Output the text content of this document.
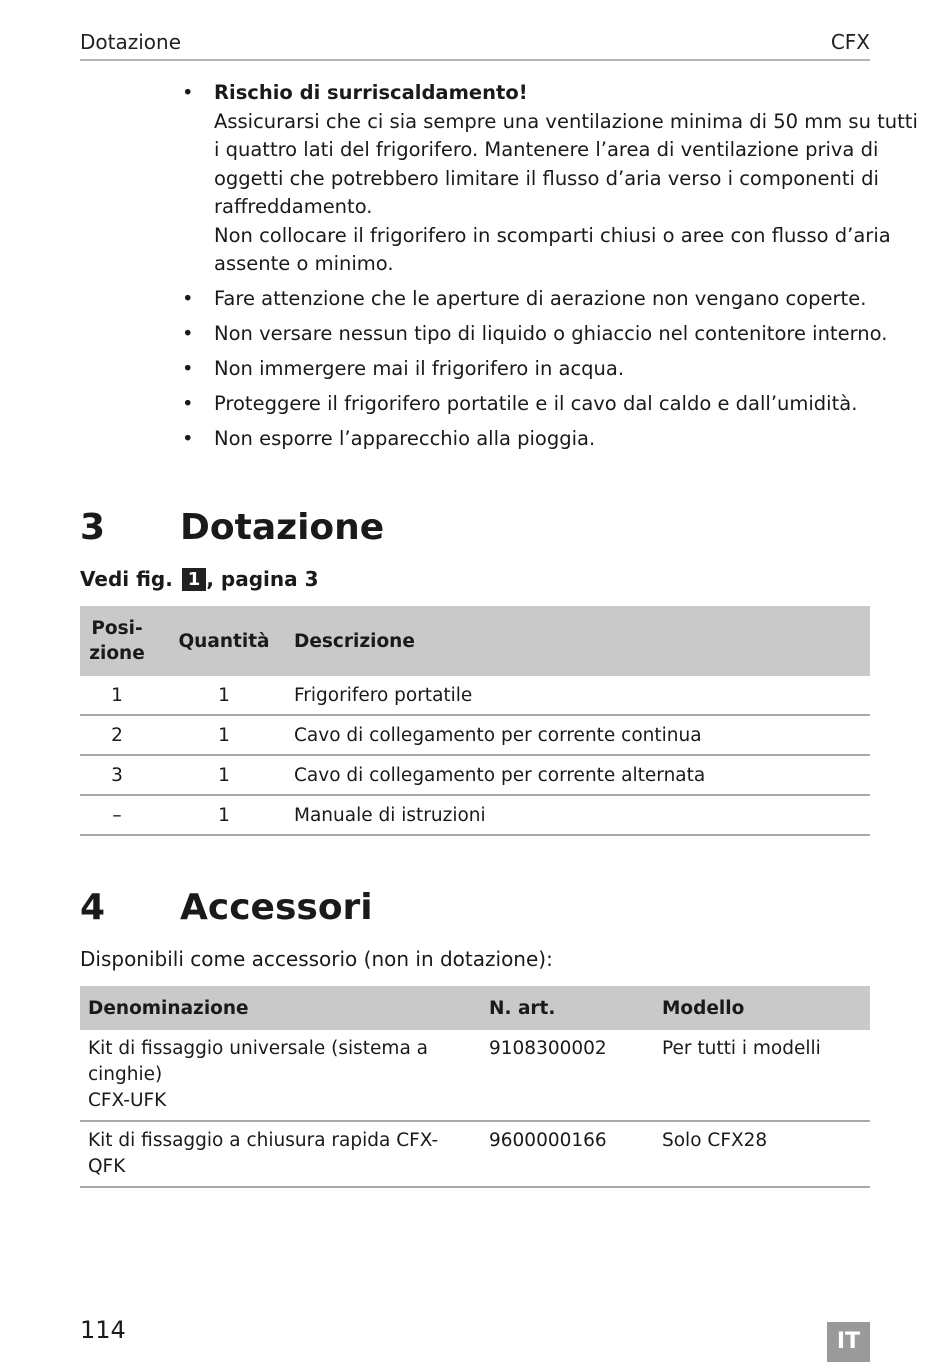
Dotazione	CFX
• Rischio di surriscaldamento!
Assicurarsi che ci sia sempre una ventilazione minima di 50 mm su tutti
i quattro lati del frigorifero. Mantenere l’area di ventilazione priva di
oggetti che potrebbero limitare il flusso d’aria verso i componenti di
raffreddamento.
Non collocare il frigorifero in scomparti chiusi o aree con flusso d’aria
assente o minimo.
• Fare attenzione che le aperture di aerazione non vengano coperte.
• Non versare nessun tipo di liquido o ghiaccio nel contenitore interno.
• Non immergere mai il frigorifero in acqua.
• Proteggere il frigorifero portatile e il cavo dal caldo e dall’umidità.
• Non esporre l’apparecchio alla pioggia.
3 Dotazione
Vedi fig. 1 , pagina 3
Posi-
zione	Quantità	Descrizione
1	1	Frigorifero portatile
2	1	Cavo di collegamento per corrente continua
3	1	Cavo di collegamento per corrente alternata
–	1	Manuale di istruzioni
4 Accessori
Disponibili come accessorio (non in dotazione):
Denominazione	N. art.	Modello
Kit di fissaggio universale (sistema a cinghie)
CFX-UFK	9108300002	Per tutti i modelli
Kit di fissaggio a chiusura rapida CFX-QFK	9600000166	Solo CFX28
114	IT
